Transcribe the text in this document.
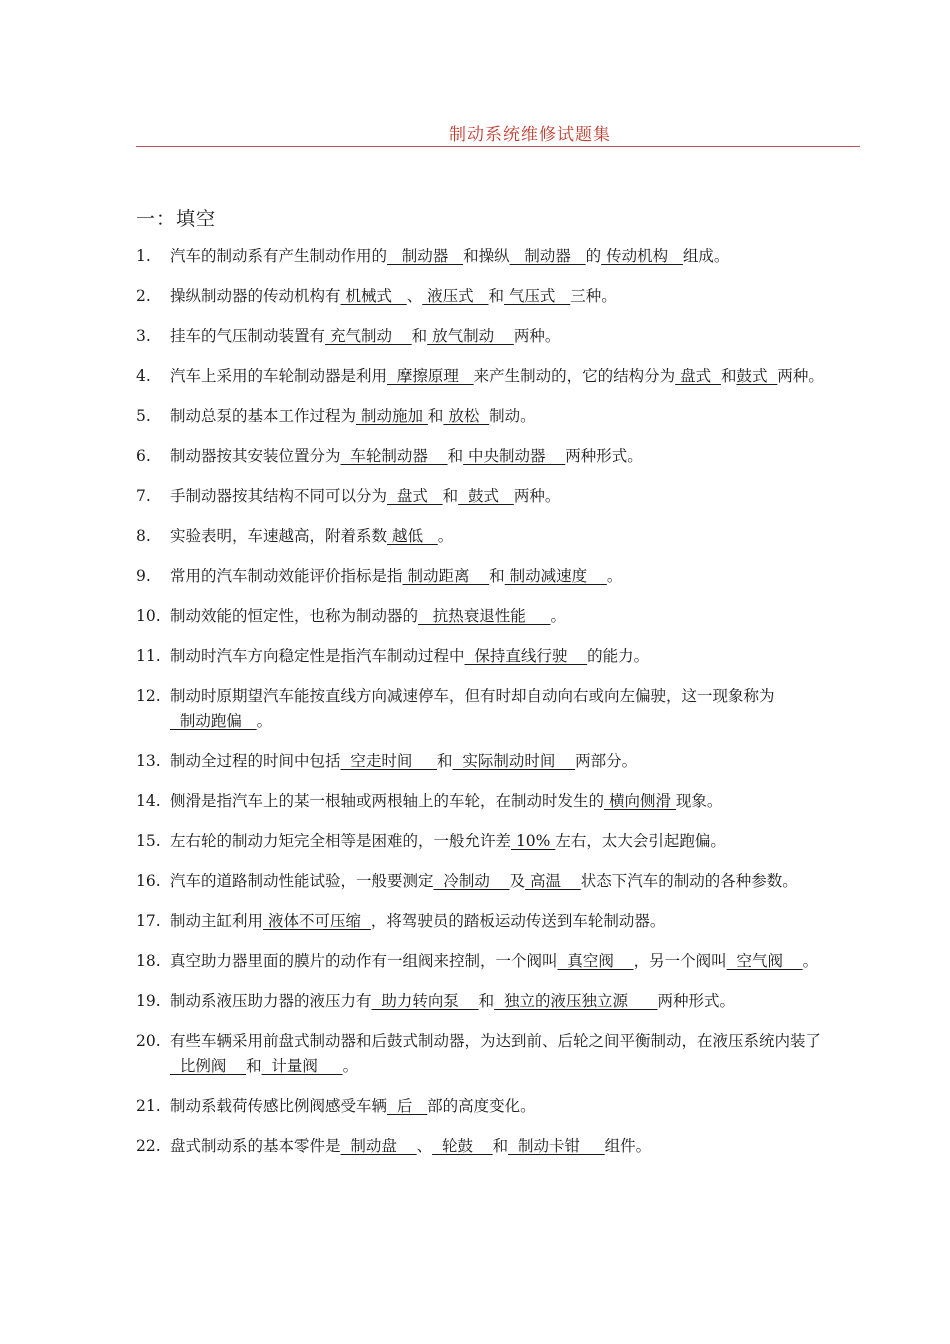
制动系统维修试题集
一：填空
1. 汽车的制动系有产生制动作用的   制动器   和操纵   制动器   的 传动机构   组成。
2. 操纵制动器的传动机构有 机械式   、 液压式   和 气压式   三种。
3. 挂车的气压制动装置有 充气制动    和 放气制动    两种。
4. 汽车上采用的车轮制动器是利用  摩擦原理   来产生制动的，它的结构分为 盘式  和鼓式  两种。
5. 制动总泵的基本工作过程为 制动施加 和 放松  制动。
6. 制动器按其安装位置分为  车轮制动器    和 中央制动器    两种形式。
7. 手制动器按其结构不同可以分为  盘式   和  鼓式   两种。
8. 实验表明，车速越高，附着系数 越低   。
9. 常用的汽车制动效能评价指标是指 制动距离    和 制动减速度    。
10. 制动效能的恒定性，也称为制动器的   抗热衰退性能     。
11. 制动时汽车方向稳定性是指汽车制动过程中  保持直线行驶    的能力。
12. 制动时原期望汽车能按直线方向减速停车，但有时却自动向右或向左偏驶，这一现象称为  制动跑偏   。
13. 制动全过程的时间中包括  空走时间     和  实际制动时间    两部分。
14. 侧滑是指汽车上的某一根轴或两根轴上的车轮，在制动时发生的 横向侧滑 现象。
15. 左右轮的制动力矩完全相等是困难的，一般允许差 10% 左右，太大会引起跑偏。
16. 汽车的道路制动性能试验，一般要测定  冷制动    及 高温    状态下汽车的制动的各种参数。
17. 制动主缸利用 液体不可压缩  ，将驾驶员的踏板运动传送到车轮制动器。
18. 真空助力器里面的膜片的动作有一组阀来控制，一个阀叫  真空阀    ，另一个阀叫  空气阀    。
19. 制动系液压助力器的液压力有  助力转向泵    和  独立的液压独立源      两种形式。
20. 有些车辆采用前盘式制动器和后鼓式制动器，为达到前、后轮之间平衡制动，在液压系统内装了  比例阀    和  计量阀     。
21. 制动系载荷传感比例阀感受车辆  后   部的高度变化。
22. 盘式制动系的基本零件是  制动盘    、  轮鼓    和  制动卡钳     组件。
